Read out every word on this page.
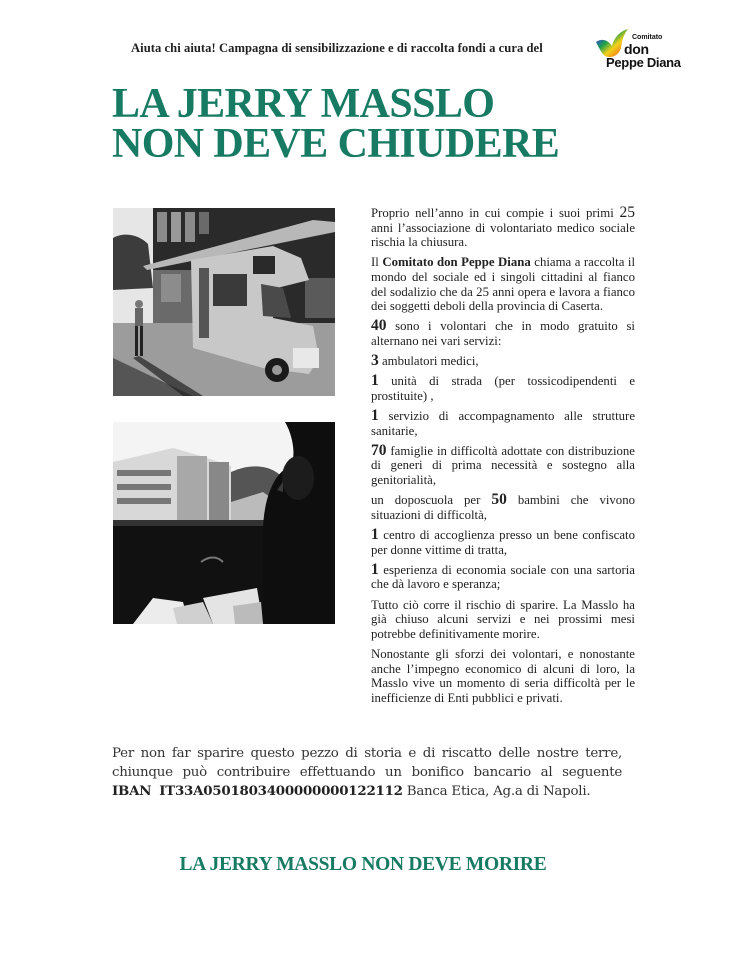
Aiuta chi aiuta! Campagna di sensibilizzazione e di raccolta fondi a cura del
Comitato
don
Peppe Diana
LA JERRY MASSLO
NON DEVE CHIUDERE

Proprio nell’anno in cui compie i suoi primi 25 anni l’associazione di volontariato medico sociale rischia la chiusura.

Il Comitato don Peppe Diana chiama a raccolta il mondo del sociale ed i singoli cittadini al fianco del sodalizio che da 25 anni opera e lavora a fianco dei soggetti deboli della provincia di Caserta.

40 sono i volontari che in modo gratuito si alternano nei vari servizi:

3 ambulatori medici,

1 unità di strada (per tossicodipendenti e prostituite) ,

1 servizio di accompagnamento alle strutture sanitarie,

70 famiglie in difficoltà adottate con distribuzione di generi di prima necessità e sostegno alla genitorialità,

un doposcuola per 50 bambini che vivono situazioni di difficoltà,

1 centro di accoglienza presso un bene confiscato per donne vittime di tratta,

1 esperienza di economia sociale con una sartoria che dà lavoro e speranza;

Tutto ciò corre il rischio di sparire. La Masslo ha già chiuso alcuni servizi e nei prossimi mesi potrebbe definitivamente morire.

Nonostante gli sforzi dei volontari, e nonostante anche l’impegno economico di alcuni di loro, la Masslo vive un momento di seria difficoltà per le inefficienze di Enti pubblici e privati.

Per non far sparire questo pezzo di storia e di riscatto delle nostre terre,
chiunque può contribuire effettuando un bonifico bancario al seguente
IBAN IT33A0501803400000000122112 Banca Etica, Ag.a di Napoli.
LA JERRY MASSLO NON DEVE MORIRE
